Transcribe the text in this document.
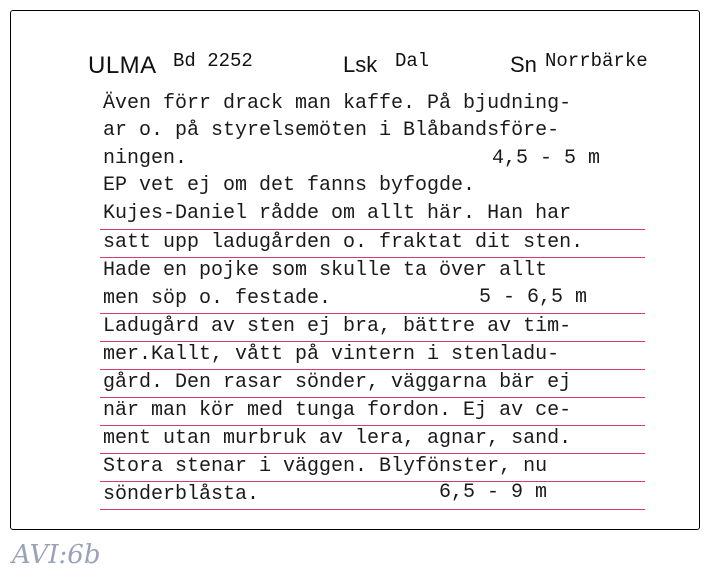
ULMA Bd 2252	Lsk Dal	Sn Norrbärke
Även förr drack man kaffe. På bjudning-
ar o. på styrelsemöten i Blåbandsföre-
ningen.	4,5 - 5 m
EP vet ej om det fanns byfogde.
Kujes-Daniel rådde om allt här. Han har
satt upp ladugården o. fraktat dit sten.
Hade en pojke som skulle ta över allt
men söp o. festade.	5 - 6,5 m
Ladugård av sten ej bra, bättre av tim-
mer.Kallt, vått på vintern i stenladu-
gård. Den rasar sönder, väggarna bär ej
när man kör med tunga fordon. Ej av ce-
ment utan murbruk av lera, agnar, sand.
Stora stenar i väggen. Blyfönster, nu
sönderblåsta.	6,5 - 9 m
AVI:6b
